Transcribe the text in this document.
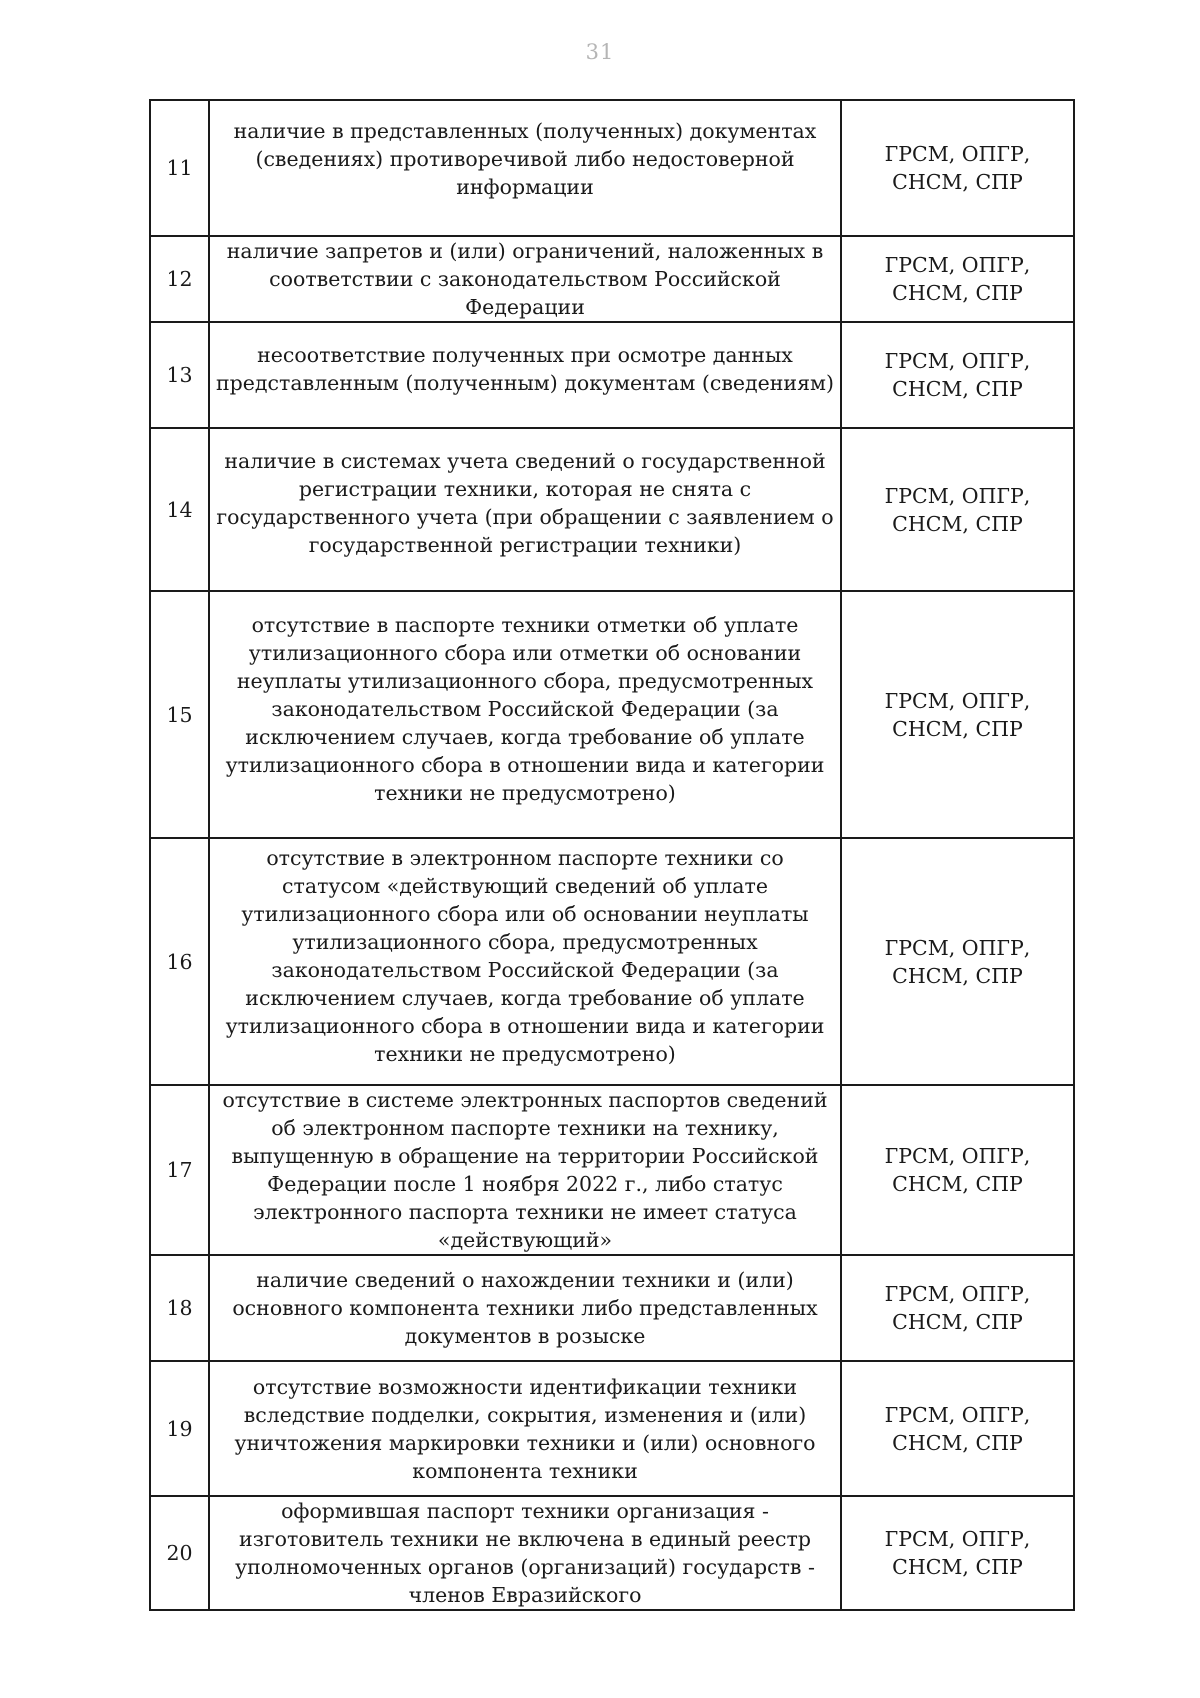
31
11	наличие в представленных (полученных) документах (сведениях) противоречивой либо недостоверной информации	ГРСМ, ОПГР, СНСМ, СПР
12	наличие запретов и (или) ограничений, наложенных в соответствии с законодательством Российской Федерации	ГРСМ, ОПГР, СНСМ, СПР
13	несоответствие полученных при осмотре данных представленным (полученным) документам (сведениям)	ГРСМ, ОПГР, СНСМ, СПР
14	наличие в системах учета сведений о государственной регистрации техники, которая не снята с государственного учета (при обращении с заявлением о государственной регистрации техники)	ГРСМ, ОПГР, СНСМ, СПР
15	отсутствие в паспорте техники отметки об уплате утилизационного сбора или отметки об основании неуплаты утилизационного сбора, предусмотренных законодательством Российской Федерации (за исключением случаев, когда требование об уплате утилизационного сбора в отношении вида и категории техники не предусмотрено)	ГРСМ, ОПГР, СНСМ, СПР
16	отсутствие в электронном паспорте техники со статусом «действующий сведений об уплате утилизационного сбора или об основании неуплаты утилизационного сбора, предусмотренных законодательством Российской Федерации (за исключением случаев, когда требование об уплате утилизационного сбора в отношении вида и категории техники не предусмотрено)	ГРСМ, ОПГР, СНСМ, СПР
17	отсутствие в системе электронных паспортов сведений об электронном паспорте техники на технику, выпущенную в обращение на территории Российской Федерации после 1 ноября 2022 г., либо статус электронного паспорта техники не имеет статуса «действующий»	ГРСМ, ОПГР, СНСМ, СПР
18	наличие сведений о нахождении техники и (или) основного компонента техники либо представленных документов в розыске	ГРСМ, ОПГР, СНСМ, СПР
19	отсутствие возможности идентификации техники вследствие подделки, сокрытия, изменения и (или) уничтожения маркировки техники и (или) основного компонента техники	ГРСМ, ОПГР, СНСМ, СПР
20	оформившая паспорт техники организация - изготовитель техники не включена в единый реестр уполномоченных органов (организаций) государств - членов Евразийского	ГРСМ, ОПГР, СНСМ, СПР
